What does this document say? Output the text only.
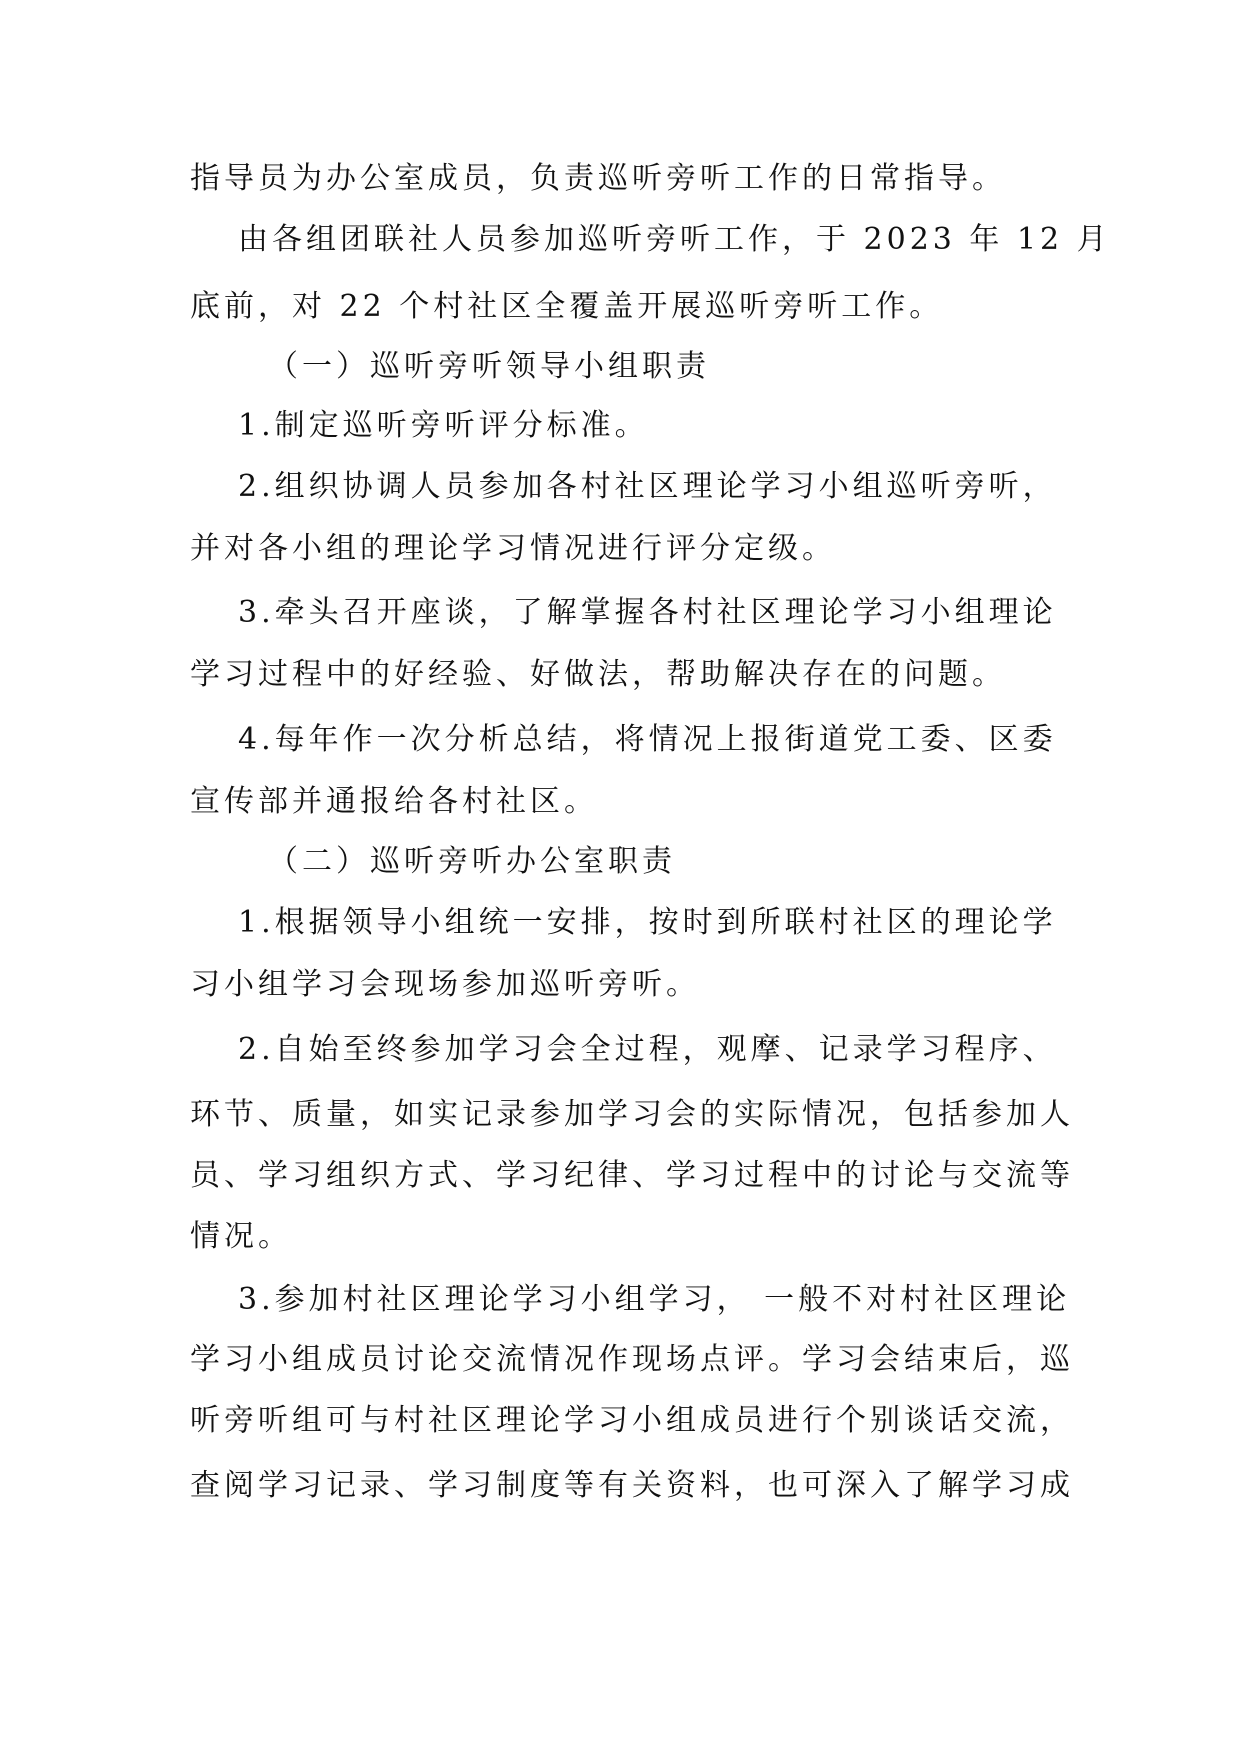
指导员为办公室成员，负责巡听旁听工作的日常指导。

由各组团联社人员参加巡听旁听工作，于 2023 年 12 月

底前，对 22 个村社区全覆盖开展巡听旁听工作。

（一）巡听旁听领导小组职责

1.制定巡听旁听评分标准。

2.组织协调人员参加各村社区理论学习小组巡听旁听，

并对各小组的理论学习情况进行评分定级。

3.牵头召开座谈，了解掌握各村社区理论学习小组理论

学习过程中的好经验、好做法，帮助解决存在的问题。

4.每年作一次分析总结，将情况上报街道党工委、区委

宣传部并通报给各村社区。

（二）巡听旁听办公室职责

1.根据领导小组统一安排，按时到所联村社区的理论学

习小组学习会现场参加巡听旁听。

2.自始至终参加学习会全过程，观摩、记录学习程序、

环节、质量，如实记录参加学习会的实际情况，包括参加人

员、学习组织方式、学习纪律、学习过程中的讨论与交流等

情况。

3.参加村社区理论学习小组学习， 一般不对村社区理论

学习小组成员讨论交流情况作现场点评。学习会结束后，巡

听旁听组可与村社区理论学习小组成员进行个别谈话交流，

查阅学习记录、学习制度等有关资料，也可深入了解学习成
